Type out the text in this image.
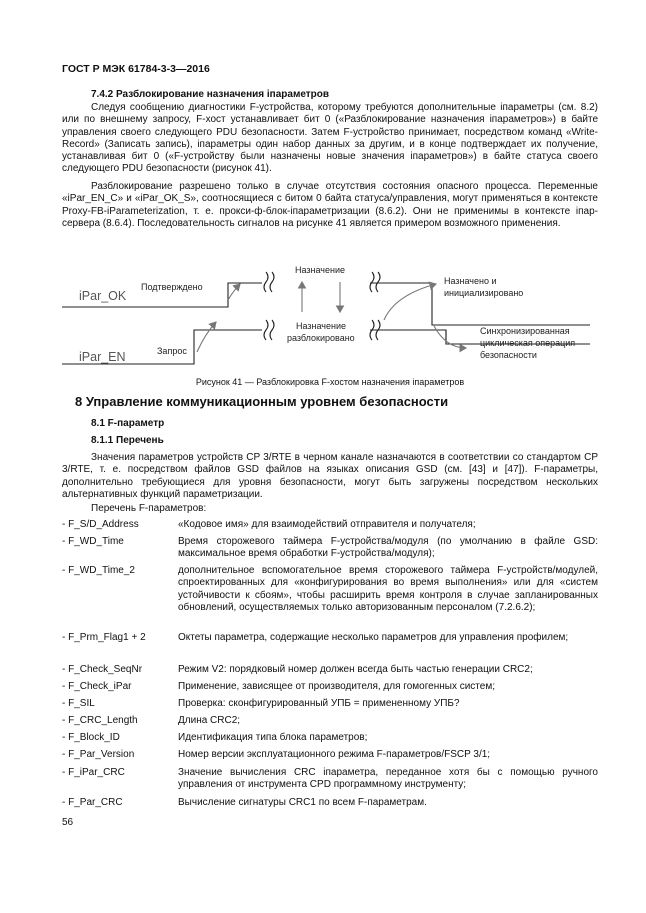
ГОСТ Р МЭК 61784-3-3—2016
7.4.2 Разблокирование назначения iпараметров
Следуя сообщению диагностики F-устройства, которому требуются дополнительные iпараметры (см. 8.2) или по внешнему запросу, F-хост устанавливает бит 0 («Разблокирование назначения iпараметров») в байте управления своего следующего PDU безопасности. Затем F-устройство принимает, посредством команд «Write-Record» (Записать запись), iпараметры один набор данных за другим, и в конце подтверждает их получение, устанавливая бит 0 («F-устройству были назначены новые значения iпараметров») в байте статуса своего следующего PDU безопасности (рисунок 41).
Разблокирование разрешено только в случае отсутствия состояния опасного процесса. Переменные «iPar_EN_C» и «iPar_OK_S», соотносящиеся с битом 0 байта статуса/управления, могут применяться в контексте Proxy-FB-iParameterization, т. е. прокси-ф-блок-iпараметризации (8.6.2). Они не применимы в контексте iпар-сервера (8.6.4). Последовательность сигналов на рисунке 41 является примером возможного применения.
iPar_OK
iPar_EN
Подтверждено
Запрос
Назначение
Назначение
разблокировано
Назначено и
инициализировано
Синхронизированная
циклическая операция
безопасности
Рисунок 41 — Разблокировка F-хостом назначения iпараметров
8 Управление коммуникационным уровнем безопасности
8.1 F-параметр
8.1.1 Перечень
Значения параметров устройств CP 3/RTE в черном канале назначаются в соответствии со стандартом CP 3/RTE, т. е. посредством файлов GSD файлов на языках описания GSD (см. [43] и [47]). F-параметры, дополнительно требующиеся для уровня безопасности, могут быть загружены посредством нескольких альтернативных функций параметризации.
Перечень F-параметров:
- F_S/D_Address	«Кодовое имя» для взаимодействий отправителя и получателя;
- F_WD_Time	Время сторожевого таймера F-устройства/модуля (по умолчанию в файле GSD: максимальное время обработки F-устройства/модуля);
- F_WD_Time_2	дополнительное вспомогательное время сторожевого таймера F-устройств/модулей, спроектированных для «конфигурирования во время выполнения» или для «систем устойчивости к сбоям», чтобы расширить время контроля в случае запланированных обновлений, осуществляемых только авторизованным персоналом (7.2.6.2);
- F_Prm_Flag1 + 2	Октеты параметра, содержащие несколько параметров для управления профилем;
- F_Check_SeqNr	Режим V2: порядковый номер должен всегда быть частью генерации CRC2;
- F_Check_iPar	Применение, зависящее от производителя, для гомогенных систем;
- F_SIL	Проверка: сконфигурированный УПБ = примененному УПБ?
- F_CRC_Length	Длина CRC2;
- F_Block_ID	Идентификация типа блока параметров;
- F_Par_Version	Номер версии эксплуатационного режима F-параметров/FSCP 3/1;
- F_iPar_CRC	Значение вычисления CRC iпараметра, переданное хотя бы с помощью ручного управления от инструмента CPD программному инструменту;
- F_Par_CRC	Вычисление сигнатуры CRC1 по всем F-параметрам.
56
